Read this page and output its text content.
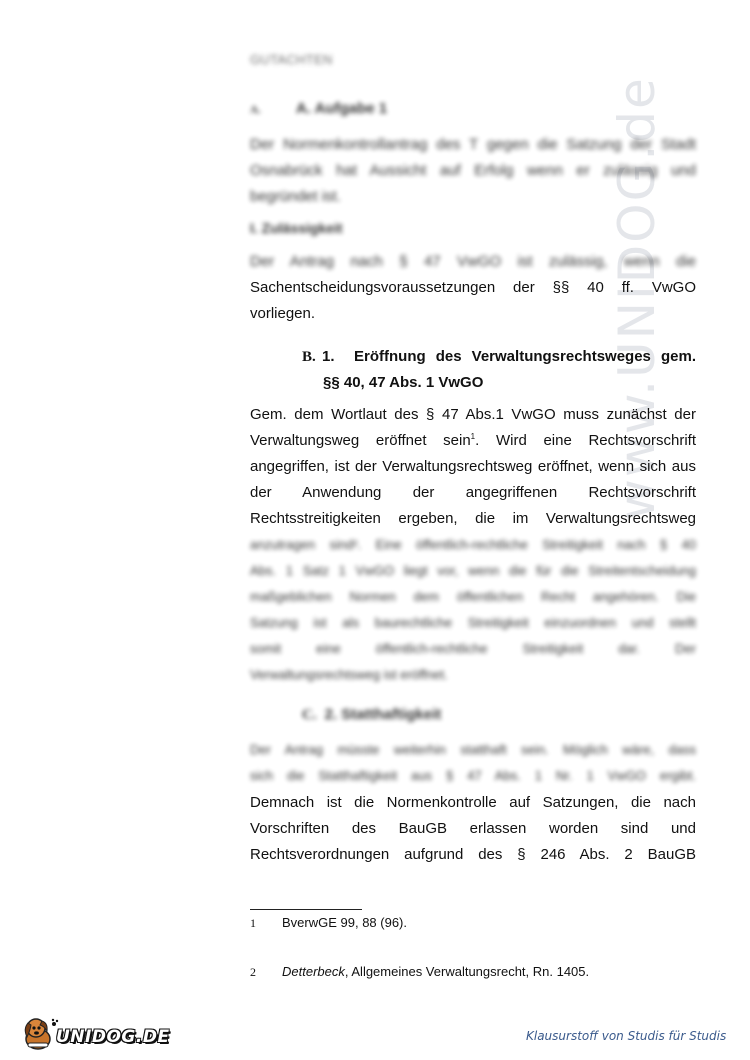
www.UNIDOG.de
GUTACHTEN
A. A. Aufgabe 1
Der Normenkontrollantrag des T gegen die Satzung der Stadt
Osnabrück hat Aussicht auf Erfolg wenn er zulässig und
begründet ist.
I. Zulässigkeit
Der Antrag nach § 47 VwGO ist zulässig, wenn die
Sachentscheidungsvoraussetzungen der §§ 40 ff. VwGO
vorliegen.
B. 1. Eröffnung des Verwaltungsrechtsweges gem.
§§ 40, 47 Abs. 1 VwGO
Gem. dem Wortlaut des § 47 Abs.1 VwGO muss zunächst der
Verwaltungsweg eröffnet sein$^1$. Wird eine Rechtsvorschrift
angegriffen, ist der Verwaltungsrechtsweg eröffnet, wenn sich aus
der Anwendung der angegriffenen Rechtsvorschrift
Rechtsstreitigkeiten ergeben, die im Verwaltungsrechtsweg
anzutragen sind². Eine öffentlich-rechtliche Streitigkeit nach § 40
Abs. 1 Satz 1 VwGO liegt vor, wenn die für die Streitentscheidung
maßgeblichen Normen dem öffentlichen Recht angehören. Die
Satzung ist als baurechtliche Streitigkeit einzuordnen und stellt
somit eine öffentlich-rechtliche Streitigkeit dar. Der
Verwaltungsrechtsweg ist eröffnet.
C. 2. Statthaftigkeit
Der Antrag müsste weiterhin statthaft sein. Möglich wäre, dass
sich die Statthaftigkeit aus § 47 Abs. 1 Nr. 1 VwGO ergibt.
Demnach ist die Normenkontrolle auf Satzungen, die nach
Vorschriften des BauGB erlassen worden sind und
Rechtsverordnungen aufgrund des § 246 Abs. 2 BauGB
1 BverwGE 99, 88 (96).
2 Detterbeck, Allgemeines Verwaltungsrecht, Rn. 1405.
UNIDOG.DE	Klausurstoff von Studis für Studis
